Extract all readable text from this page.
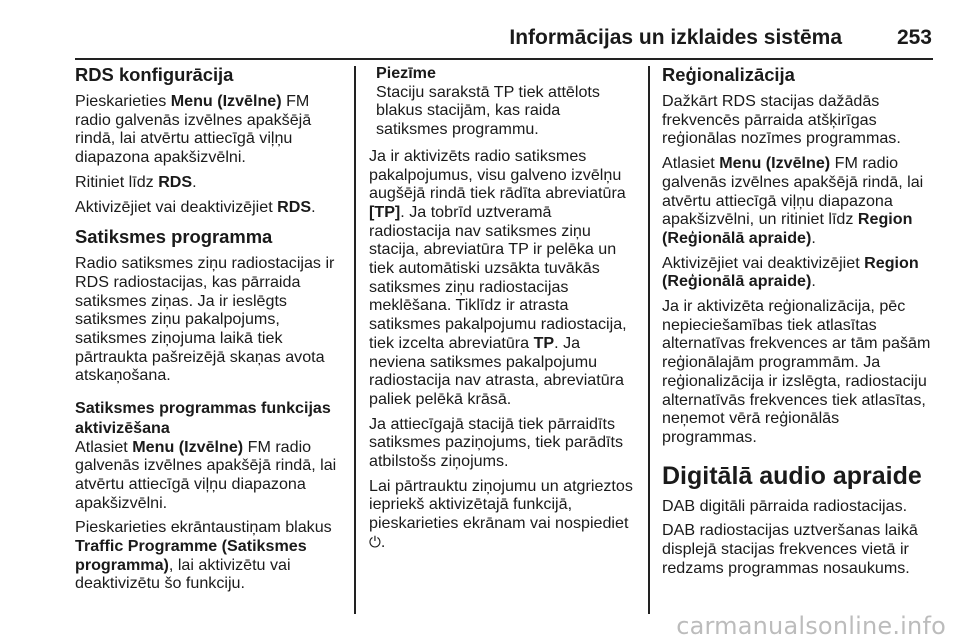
Informācijas un izklaides sistēma	253
RDS konfigurācija

Pieskarieties Menu (Izvēlne) FM radio galvenās izvēlnes apakšējā rindā, lai atvērtu attiecīgā viļņu diapazona apakšizvēlni.

Ritiniet līdz RDS.

Aktivizējiet vai deaktivizējiet RDS.

Satiksmes programma

Radio satiksmes ziņu radiostacijas ir RDS radiostacijas, kas pārraida satiksmes ziņas. Ja ir ieslēgts satiksmes ziņu pakalpojums, satiksmes ziņojuma laikā tiek pārtraukta pašreizējā skaņas avota atskaņošana.

Satiksmes programmas funkcijas
aktivizēšana

Atlasiet Menu (Izvēlne) FM radio galvenās izvēlnes apakšējā rindā, lai atvērtu attiecīgā viļņu diapazona apakšizvēlni.

Pieskarieties ekrāntaustiņam blakus Traffic Programme (Satiksmes programma), lai aktivizētu vai deaktivizētu šo funkciju.

Piezīme

Staciju sarakstā TP tiek attēlots blakus stacijām, kas raida satiksmes programmu.

Ja ir aktivizēts radio satiksmes pakalpojumus, visu galveno izvēlņu augšējā rindā tiek rādīta abreviatūra [TP]. Ja tobrīd uztveramā radiostacija nav satiksmes ziņu stacija, abreviatūra TP ir pelēka un tiek automātiski uzsākta tuvākās satiksmes ziņu radiostacijas meklēšana. Tiklīdz ir atrasta satiksmes pakalpojumu radiostacija, tiek izcelta abreviatūra TP. Ja neviena satiksmes pakalpojumu radiostacija nav atrasta, abreviatūra paliek pelēkā krāsā.

Ja attiecīgajā stacijā tiek pārraidīts satiksmes paziņojums, tiek parādīts atbilstošs ziņojums.

Lai pārtrauktu ziņojumu un atgrieztos iepriekš aktivizētajā funkcijā, pieskarieties ekrānam vai nospiediet ⏻.

Reģionalizācija

Dažkārt RDS stacijas dažādās frekvencēs pārraida atšķirīgas reģionālas nozīmes programmas.

Atlasiet Menu (Izvēlne) FM radio galvenās izvēlnes apakšējā rindā, lai atvērtu attiecīgā viļņu diapazona apakšizvēlni, un ritiniet līdz Region (Reģionālā apraide).

Aktivizējiet vai deaktivizējiet Region (Reģionālā apraide).

Ja ir aktivizēta reģionalizācija, pēc nepieciešamības tiek atlasītas alternatīvas frekvences ar tām pašām reģionālajām programmām. Ja reģionalizācija ir izslēgta, radiostaciju alternatīvās frekvences tiek atlasītas, neņemot vērā reģionālās programmas.

Digitālā audio apraide

DAB digitāli pārraida radiostacijas.

DAB radiostacijas uztveršanas laikā displejā stacijas frekvences vietā ir redzams programmas nosaukums.

carmanualsonline.info
